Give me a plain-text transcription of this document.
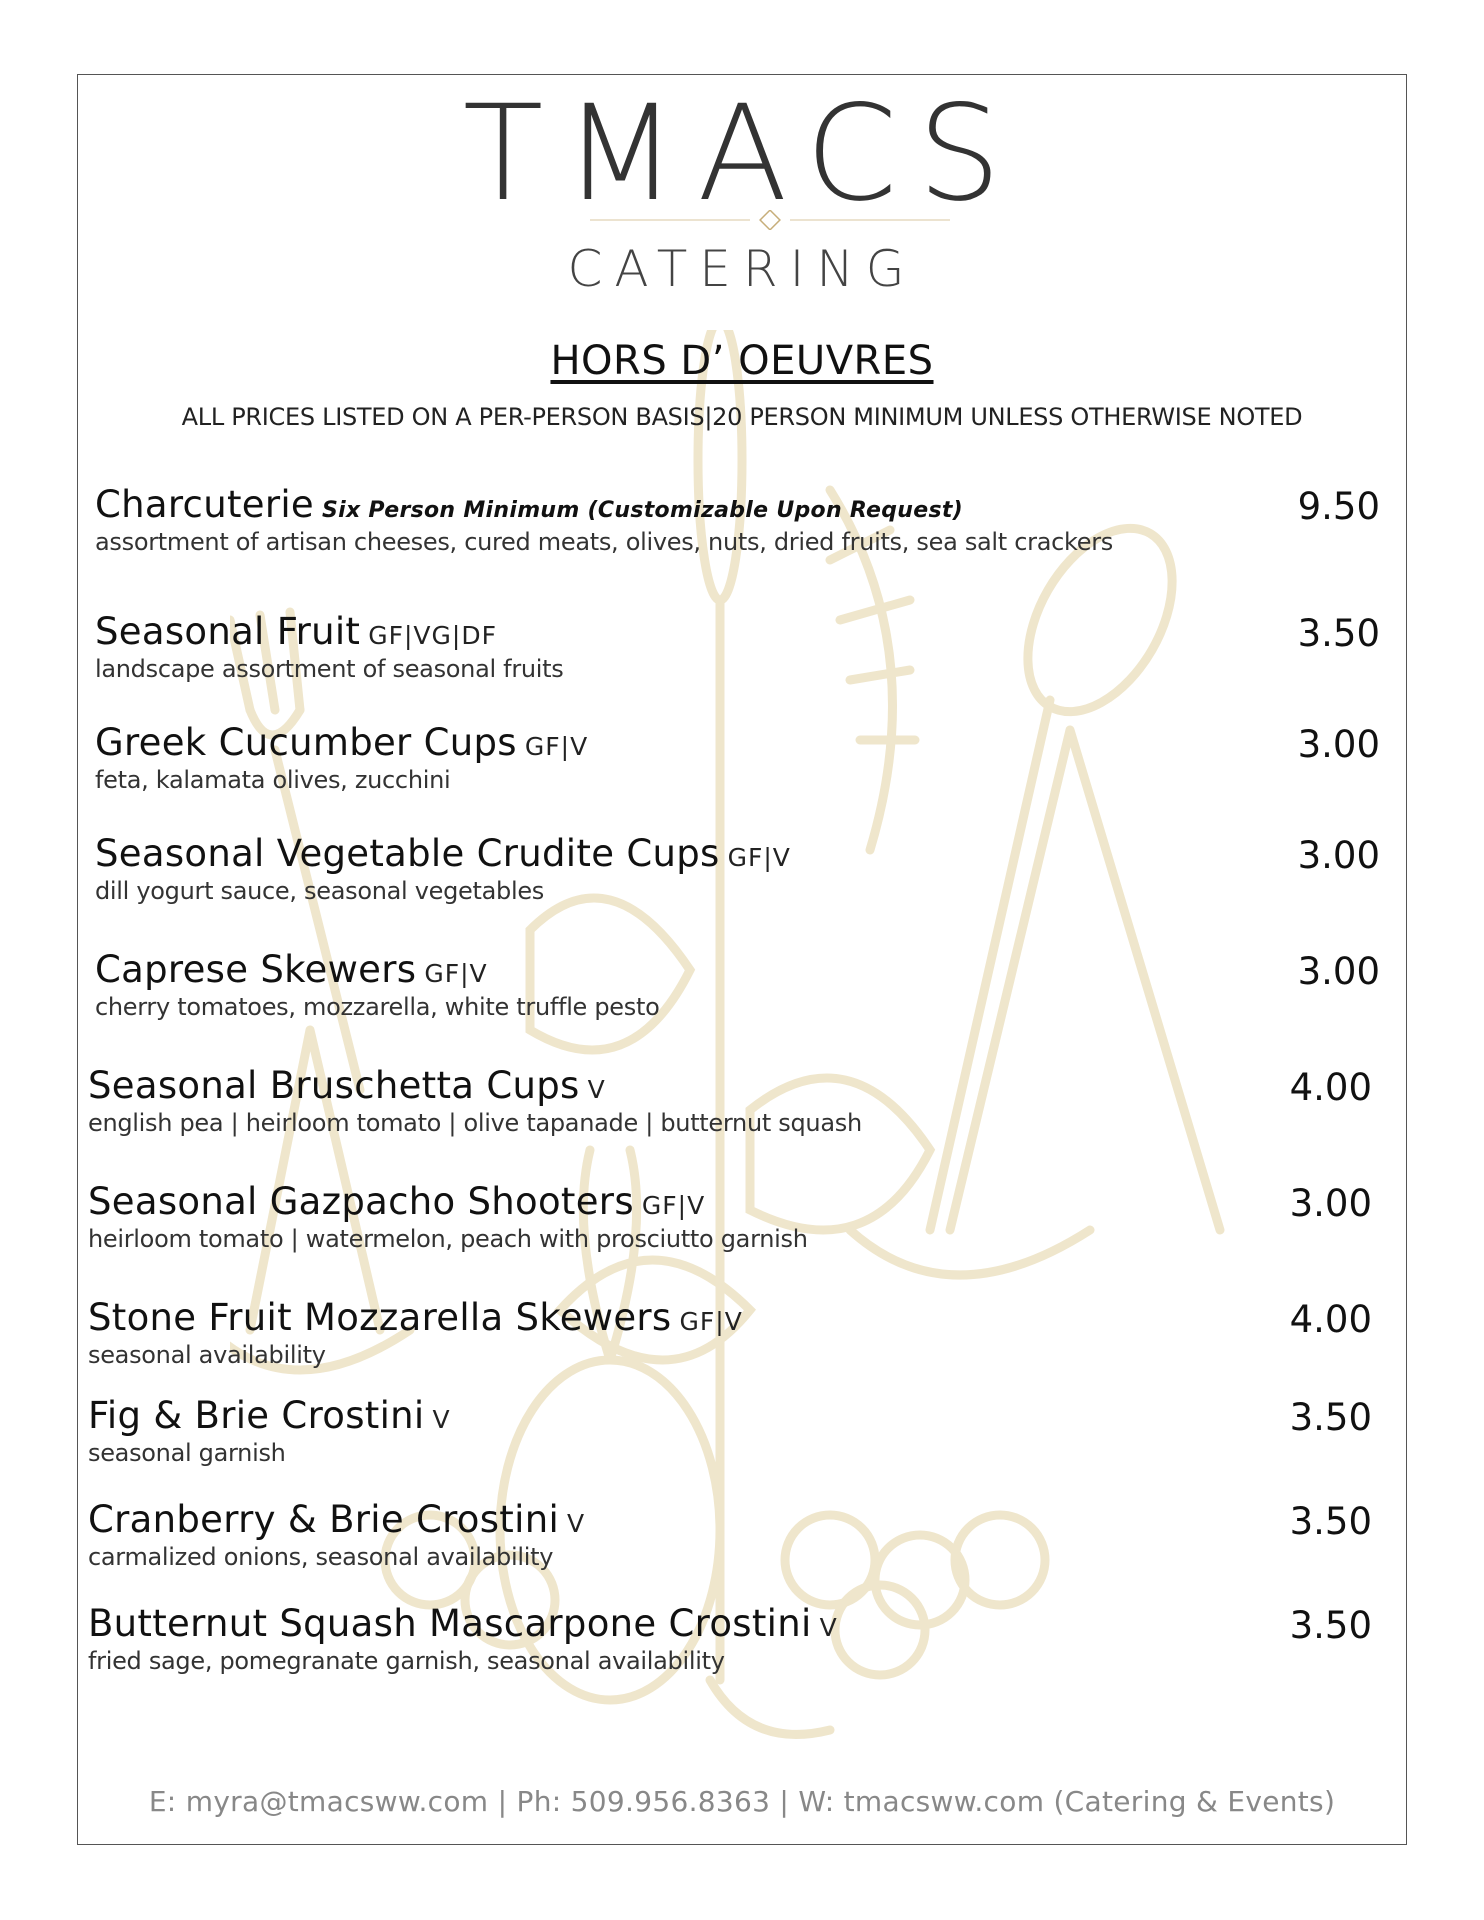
TMACS
CATERING
HORS D’ OEUVRES
ALL PRICES LISTED ON A PER-PERSON BASIS|20 PERSON MINIMUM UNLESS OTHERWISE NOTED
Charcuterie Six Person Minimum (Customizable Upon Request)
assortment of artisan cheeses, cured meats, olives, nuts, dried fruits, sea salt crackers
9.50
Seasonal Fruit GF|VG|DF
landscape assortment of seasonal fruits
3.50
Greek Cucumber Cups GF|V
feta, kalamata olives, zucchini
3.00
Seasonal Vegetable Crudite Cups GF|V
dill yogurt sauce, seasonal vegetables
3.00
Caprese Skewers GF|V
cherry tomatoes, mozzarella, white truffle pesto
3.00
Seasonal Bruschetta Cups V
english pea | heirloom tomato | olive tapanade | butternut squash
4.00
Seasonal Gazpacho Shooters GF|V
heirloom tomato | watermelon, peach with prosciutto garnish
3.00
Stone Fruit Mozzarella Skewers GF|V
seasonal availability
4.00
Fig & Brie Crostini V
seasonal garnish
3.50
Cranberry & Brie Crostini V
carmalized onions, seasonal availability
3.50
Butternut Squash Mascarpone Crostini V
fried sage, pomegranate garnish, seasonal availability
3.50
E: myra@tmacsww.com | Ph: 509.956.8363 | W: tmacsww.com (Catering & Events)
